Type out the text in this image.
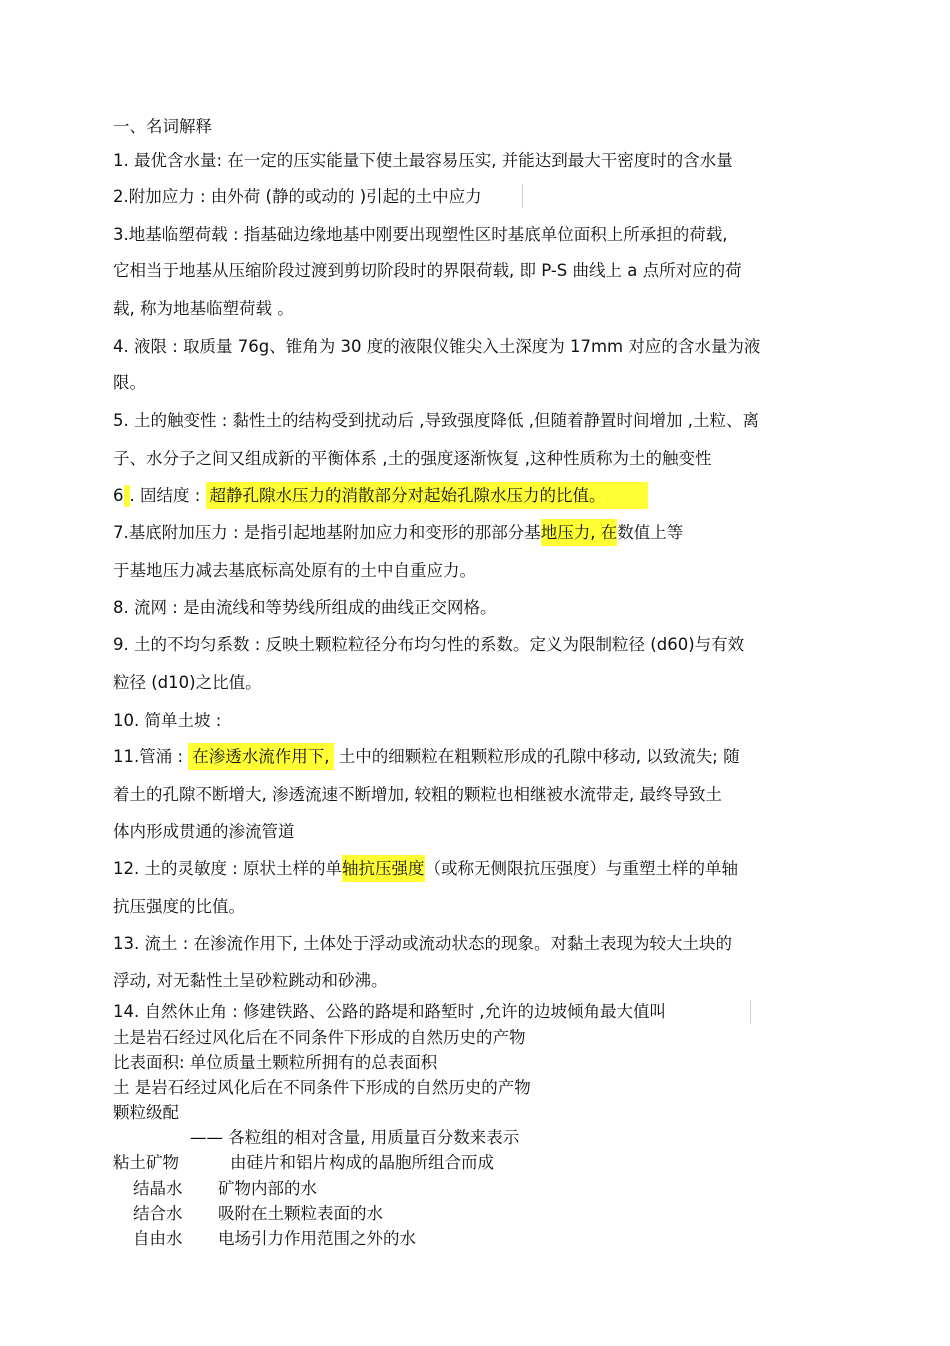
一、名词解释
1. 最优含水量: 在一定的压实能量下使土最容易压实, 并能达到最大干密度时的含水量
2.附加应力 : 由外荷 (静的或动的 )引起的土中应力
3.地基临塑荷载 : 指基础边缘地基中刚要出现塑性区时基底单位面积上所承担的荷载,
它相当于地基从压缩阶段过渡到剪切阶段时的界限荷载, 即 P-S 曲线上 a 点所对应的荷
载, 称为地基临塑荷载 。
4. 液限 : 取质量 76g、锥角为 30 度的液限仪锥尖入土深度为 17mm 对应的含水量为液
限。
5. 土的触变性 : 黏性土的结构受到扰动后 ,导致强度降低 ,但随着静置时间增加 ,土粒、离
子、水分子之间又组成新的平衡体系 ,土的强度逐渐恢复 ,这种性质称为土的触变性
6 . 固结度 : 超静孔隙水压力的消散部分对起始孔隙水压力的比值。
7.基底附加压力 : 是指引起地基附加应力和变形的那部分基地压力, 在数值上等
于基地压力减去基底标高处原有的土中自重应力。
8. 流网 : 是由流线和等势线所组成的曲线正交网格。
9. 土的不均匀系数 : 反映土颗粒粒径分布均匀性的系数。定义为限制粒径 (d60)与有效
粒径 (d10)之比值。
10. 简单土坡 :
11.管涌 : 在渗透水流作用下, 土中的细颗粒在粗颗粒形成的孔隙中移动, 以致流失; 随
着土的孔隙不断增大, 渗透流速不断增加, 较粗的颗粒也相继被水流带走, 最终导致土
体内形成贯通的渗流管道
12. 土的灵敏度 : 原状土样的单轴抗压强度（或称无侧限抗压强度）与重塑土样的单轴
抗压强度的比值。
13. 流土 : 在渗流作用下, 土体处于浮动或流动状态的现象。对黏土表现为较大土块的
浮动, 对无黏性土呈砂粒跳动和砂沸。
14. 自然休止角 : 修建铁路、公路的路堤和路堑时 ,允许的边坡倾角最大值叫
土是岩石经过风化后在不同条件下形成的自然历史的产物
比表面积: 单位质量土颗粒所拥有的总表面积
土 是岩石经过风化后在不同条件下形成的自然历史的产物
颗粒级配
—— 各粒组的相对含量, 用质量百分数来表示
粘土矿物	由硅片和铝片构成的晶胞所组合而成
结晶水 矿物内部的水
结合水 吸附在土颗粒表面的水
自由水 电场引力作用范围之外的水
